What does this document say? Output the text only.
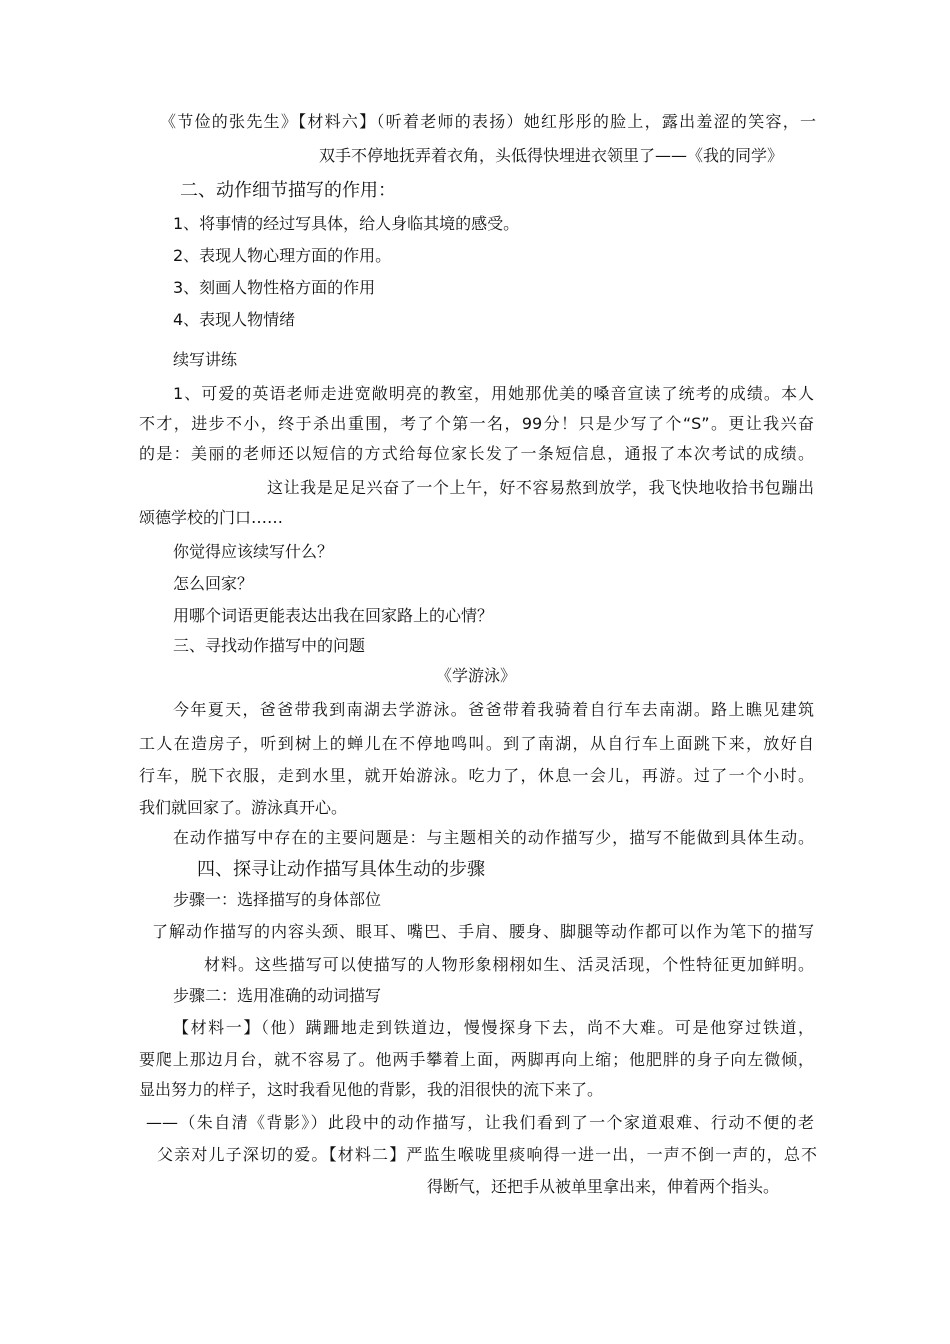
《节俭的张先生》【材料六】（听着老师的表扬）她红彤彤的脸上，露出羞涩的笑容，一
双手不停地抚弄着衣角，头低得快埋进衣领里了——《我的同学》
二、动作细节描写的作用：
1、将事情的经过写具体，给人身临其境的感受。
2、表现人物心理方面的作用。
3、刻画人物性格方面的作用
4、表现人物情绪
续写讲练
1、可爱的英语老师走进宽敞明亮的教室，用她那优美的嗓音宣读了统考的成绩。本人
不才，进步不小，终于杀出重围，考了个第一名，99分！只是少写了个“S”。更让我兴奋
的是：美丽的老师还以短信的方式给每位家长发了一条短信息，通报了本次考试的成绩。
这让我是足足兴奋了一个上午，好不容易熬到放学，我飞快地收拾书包蹦出
颂德学校的门口……
你觉得应该续写什么？
怎么回家？
用哪个词语更能表达出我在回家路上的心情？
三、寻找动作描写中的问题
《学游泳》
今年夏天，爸爸带我到南湖去学游泳。爸爸带着我骑着自行车去南湖。路上瞧见建筑
工人在造房子，听到树上的蝉儿在不停地鸣叫。到了南湖，从自行车上面跳下来，放好自
行车，脱下衣服，走到水里，就开始游泳。吃力了，休息一会儿，再游。过了一个小时。
我们就回家了。游泳真开心。
在动作描写中存在的主要问题是：与主题相关的动作描写少，描写不能做到具体生动。
四、探寻让动作描写具体生动的步骤
步骤一：选择描写的身体部位
了解动作描写的内容头颈、眼耳、嘴巴、手肩、腰身、脚腿等动作都可以作为笔下的描写
材料。这些描写可以使描写的人物形象栩栩如生、活灵活现，个性特征更加鲜明。
步骤二：选用准确的动词描写
【材料一】（他）蹒跚地走到铁道边，慢慢探身下去，尚不大难。可是他穿过铁道，
要爬上那边月台，就不容易了。他两手攀着上面，两脚再向上缩；他肥胖的身子向左微倾，
显出努力的样子，这时我看见他的背影，我的泪很快的流下来了。
——（朱自清《背影》）此段中的动作描写，让我们看到了一个家道艰难、行动不便的老
父亲对儿子深切的爱。【材料二】严监生喉咙里痰响得一进一出，一声不倒一声的，总不
得断气，还把手从被单里拿出来，伸着两个指头。
